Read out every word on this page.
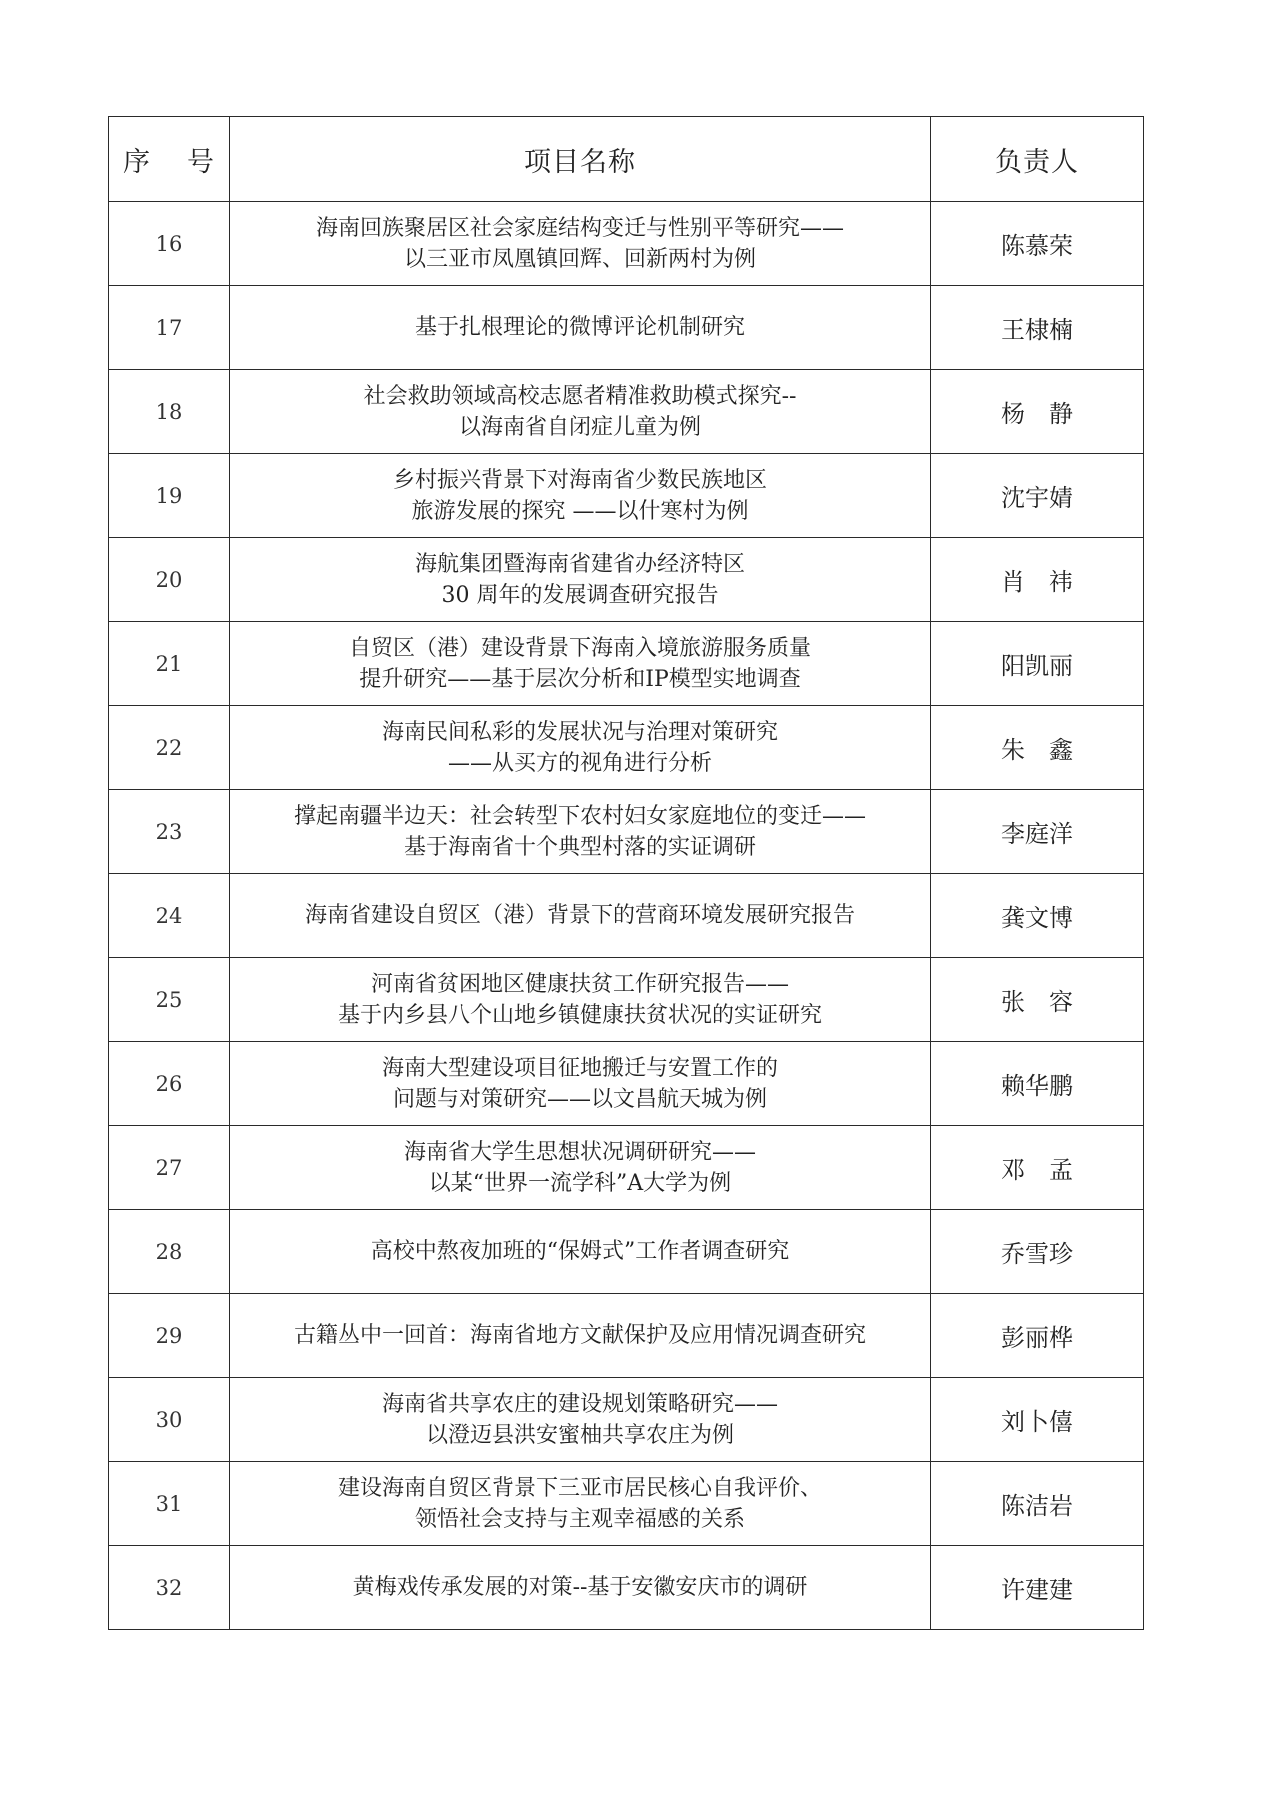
序 号	项目名称	负责人
16	海南回族聚居区社会家庭结构变迁与性别平等研究——
以三亚市凤凰镇回辉、回新两村为例	陈慕荣
17	基于扎根理论的微博评论机制研究	王棣楠
18	社会救助领域高校志愿者精准救助模式探究--
以海南省自闭症儿童为例	杨 静

19	乡村振兴背景下对海南省少数民族地区
旅游发展的探究 ——以什寒村为例	沈宇婧
20	海航集团暨海南省建省办经济特区
30 周年的发展调查研究报告	肖 祎

21	自贸区（港）建设背景下海南入境旅游服务质量
提升研究——基于层次分析和IP模型实地调查	阳凯丽
22	海南民间私彩的发展状况与治理对策研究
——从买方的视角进行分析	朱 鑫

23	撑起南疆半边天：社会转型下农村妇女家庭地位的变迁——
基于海南省十个典型村落的实证调研	李庭洋
24	海南省建设自贸区（港）背景下的营商环境发展研究报告	龚文博
25	河南省贫困地区健康扶贫工作研究报告——
基于内乡县八个山地乡镇健康扶贫状况的实证研究	张 容

26	海南大型建设项目征地搬迁与安置工作的
问题与对策研究——以文昌航天城为例	赖华鹏
27	海南省大学生思想状况调研研究——
以某“世界一流学科”A大学为例	邓 孟

28	高校中熬夜加班的“保姆式”工作者调查研究	乔雪珍
29	古籍丛中一回首：海南省地方文献保护及应用情况调查研究	彭丽桦
30	海南省共享农庄的建设规划策略研究——
以澄迈县洪安蜜柚共享农庄为例	刘卜僖
31	建设海南自贸区背景下三亚市居民核心自我评价、
领悟社会支持与主观幸福感的关系	陈洁岩
32	黄梅戏传承发展的对策--基于安徽安庆市的调研	许建建
